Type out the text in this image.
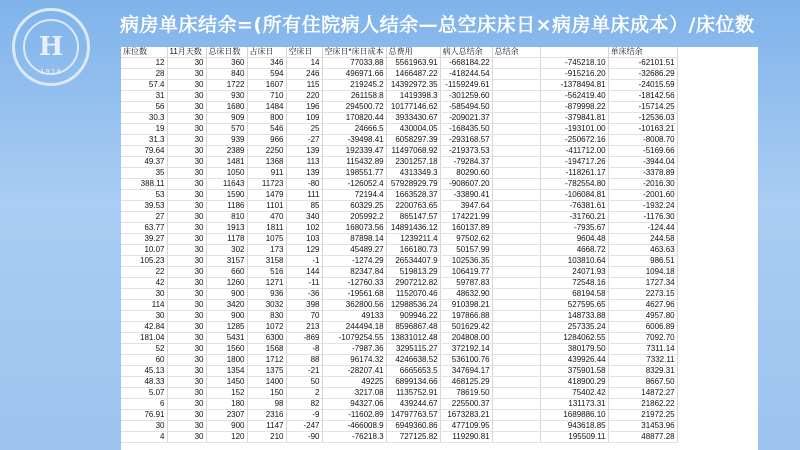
H
1918
病房单床结余=(所有住院病人结余—总空床床日×病房单床成本）/床位数
床位数	11月天数	总床日数	占床日	空床日	空床日*床日成本	总费用	病人总结余	总结余		单床结余
12	30	360	346	14	77033.88	5561963.91	-668184.22		-745218.10	-62101.51
28	30	840	594	246	496971.66	1466487.22	-418244.54		-915216.20	-32686.29
57.4	30	1722	1607	115	219245.2	14392972.35	-1159249.61		-1378494.81	-24015.59
31	30	930	710	220	261158.8	1419398.3	-301259.60		-562419.40	-18142.56
56	30	1680	1484	196	294500.72	10177146.62	-585494.50		-879998.22	-15714.25
30.3	30	909	800	109	170820.44	3933430.67	-209021.37		-379841.81	-12536.03
19	30	570	546	25	24666.5	430004.05	-168435.50		-193101.00	-10163.21
31.3	30	939	966	-27	-39498.41	6058297.39	-293168.57		-250672.16	-8008.70
79.64	30	2389	2250	139	192339.47	11497068.92	-219373.53		-411712.00	-5169.66
49.37	30	1481	1368	113	115432.89	2301257.18	-79284.37		-194717.26	-3944.04
35	30	1050	911	139	198551.77	4313349.3	80290.60		-118261.17	-3378.89
388.11	30	11643	11723	-80	-126052.4	57928929.79	-908607.20		-782554.80	-2016.30
53	30	1590	1479	111	72194.4	1663528.37	-33890.41		-106084.81	-2001.60
39.53	30	1186	1101	85	60329.25	2200763.65	3947.64		-76381.61	-1932.24
27	30	810	470	340	205992.2	865147.57	174221.99		-31760.21	-1176.30
63.77	30	1913	1811	102	168073.56	14891436.12	160137.89		-7935.67	-124.44
39.27	30	1178	1075	103	87898.14	1239211.4	97502.62		9604.48	244.58
10.07	30	302	173	129	45489.27	166180.73	50157.99		4668.72	463.63
105.23	30	3157	3158	-1	-1274.29	26534407.9	102536.35		103810.64	986.51
22	30	660	516	144	82347.84	519813.29	106419.77		24071.93	1094.18
42	30	1260	1271	-11	-12760.33	2907212.82	59787.83		72548.16	1727.34
30	30	900	936	-36	-19561.68	1152070.46	48632.90		68194.58	2273.15
114	30	3420	3032	398	362800.56	12988536.24	910398.21		527595.65	4627.96
30	30	900	830	70	49133	909946.22	197866.88		148733.88	4957.80
42.84	30	1285	1072	213	244494.18	8596867.48	501629.42		257335.24	6006.89
181.04	30	5431	6300	-869	-1079254.55	13831012.48	204808.00		1284062.55	7092.70
52	30	1560	1568	-8	-7987.36	3295115.27	372192.14		380179.50	7311.14
60	30	1800	1712	88	96174.32	4246638.52	536100.76		439926.44	7332.11
45.13	30	1354	1375	-21	-28207.41	6665653.5	347694.17		375901.58	8329.31
48.33	30	1450	1400	50	49225	6899134.66	468125.29		418900.29	8667.50
5.07	30	152	150	2	3217.08	1135752.91	78619.50		75402.42	14872.27
6	30	180	98	82	94327.06	439244.67	225500.37		131173.31	21862.22
76.91	30	2307	2316	-9	-11602.89	14797763.57	1673283.21		1689886.10	21972.25
30	30	900	1147	-247	-466008.9	6949360.86	477109.95		943618.85	31453.96
4	30	120	210	-90	-76218.3	727125.82	119290.81		195509.11	48877.28
